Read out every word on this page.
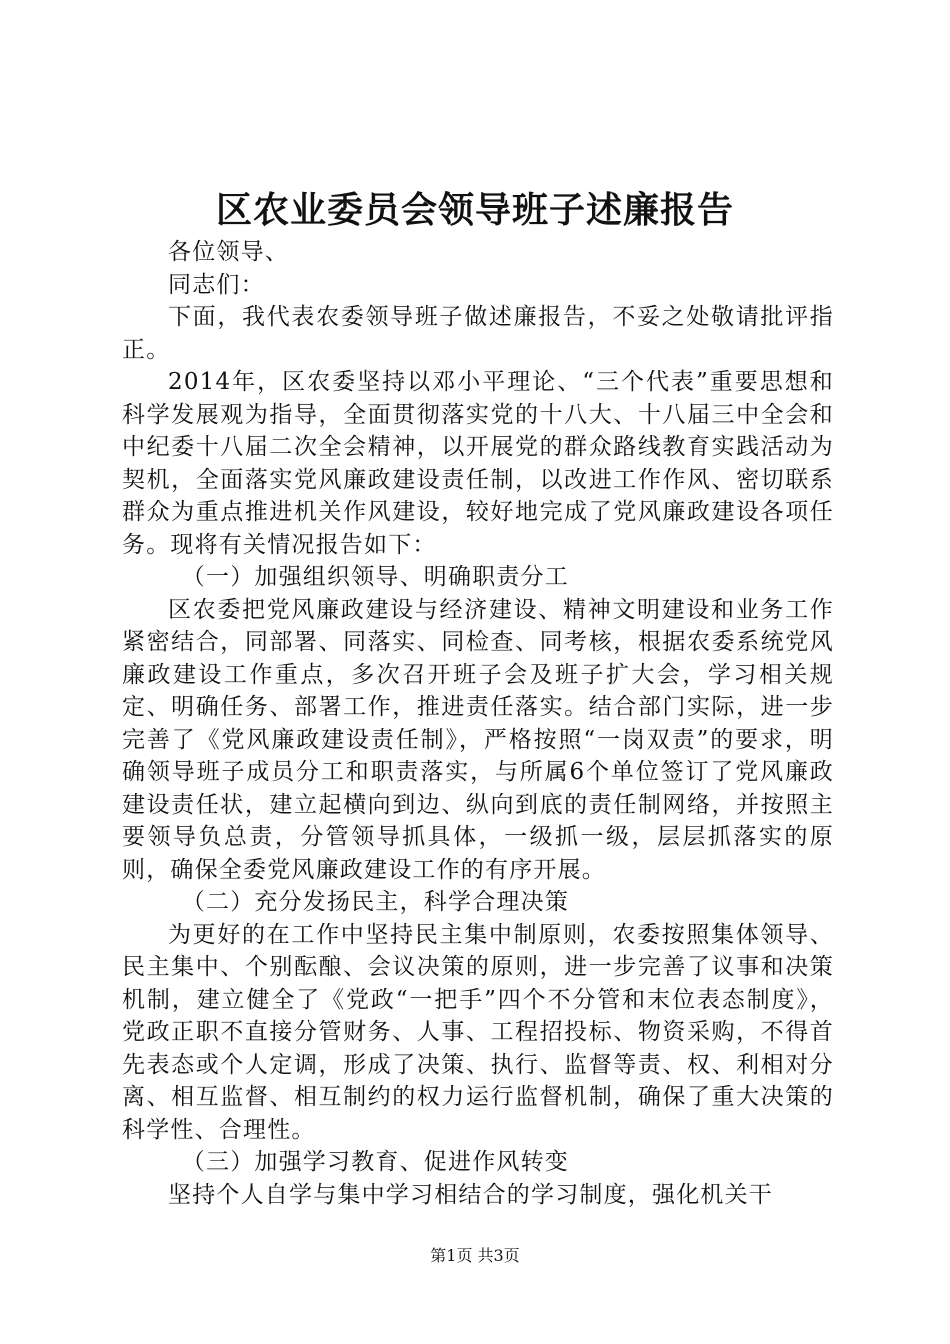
区农业委员会领导班子述廉报告

各位领导、

同志们：

下面，我代表农委领导班子做述廉报告，不妥之处敬请批评指正。

2014年，区农委坚持以邓小平理论、“三个代表”重要思想和科学发展观为指导，全面贯彻落实党的十八大、十八届三中全会和中纪委十八届二次全会精神，以开展党的群众路线教育实践活动为契机，全面落实党风廉政建设责任制，以改进工作作风、密切联系群众为重点推进机关作风建设，较好地完成了党风廉政建设各项任务。现将有关情况报告如下：

（一）加强组织领导、明确职责分工

区农委把党风廉政建设与经济建设、精神文明建设和业务工作紧密结合，同部署、同落实、同检查、同考核，根据农委系统党风廉政建设工作重点，多次召开班子会及班子扩大会，学习相关规定、明确任务、部署工作，推进责任落实。结合部门实际，进一步完善了《党风廉政建设责任制》，严格按照“一岗双责”的要求，明确领导班子成员分工和职责落实，与所属6个单位签订了党风廉政建设责任状，建立起横向到边、纵向到底的责任制网络，并按照主要领导负总责，分管领导抓具体，一级抓一级，层层抓落实的原则，确保全委党风廉政建设工作的有序开展。

（二）充分发扬民主，科学合理决策

为更好的在工作中坚持民主集中制原则，农委按照集体领导、民主集中、个别酝酿、会议决策的原则，进一步完善了议事和决策机制，建立健全了《党政“一把手”四个不分管和末位表态制度》，党政正职不直接分管财务、人事、工程招投标、物资采购，不得首先表态或个人定调，形成了决策、执行、监督等责、权、利相对分离、相互监督、相互制约的权力运行监督机制，确保了重大决策的科学性、合理性。

（三）加强学习教育、促进作风转变

坚持个人自学与集中学习相结合的学习制度，强化机关干

第1页 共3页
